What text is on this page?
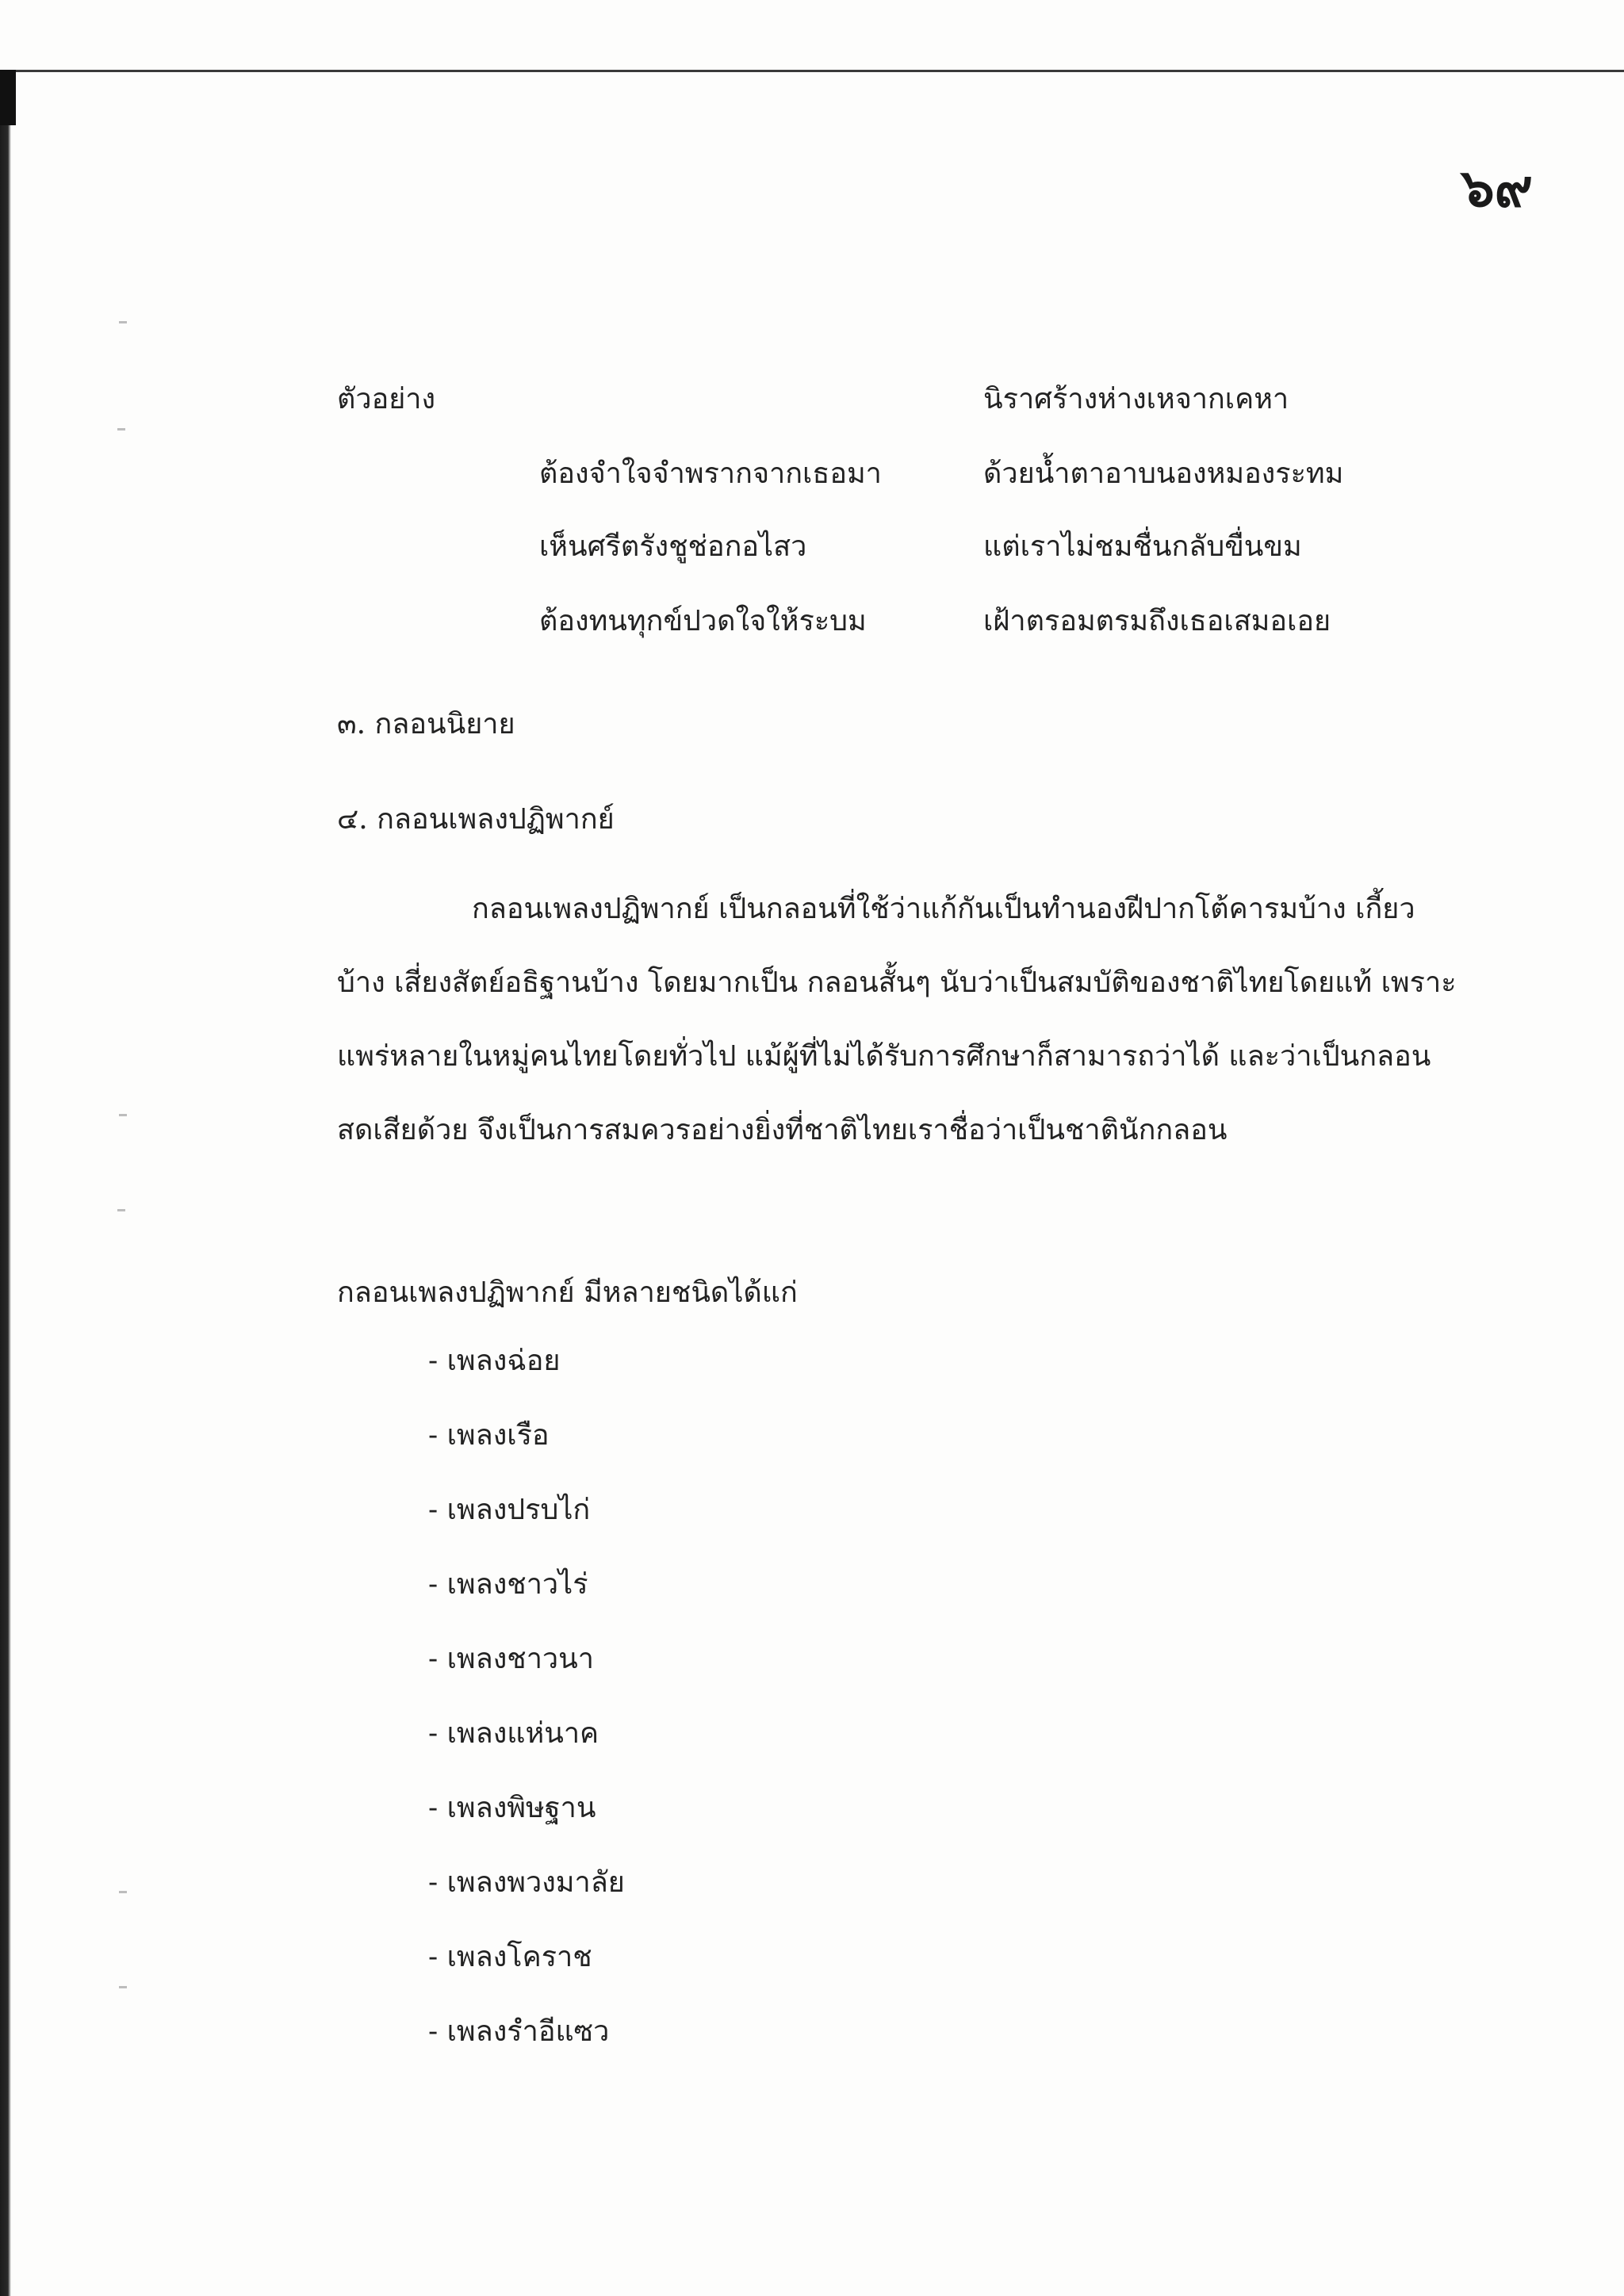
๖๙
ตัวอย่าง	นิราศร้างห่างเหจากเคหา
ต้องจำใจจำพรากจากเธอมา	ด้วยน้ำตาอาบนองหมองระทม
เห็นศรีตรังชูช่อกอไสว	แต่เราไม่ชมชื่นกลับขื่นขม
ต้องทนทุกข์ปวดใจให้ระบม	เฝ้าตรอมตรมถึงเธอเสมอเอย
๓. กลอนนิยาย
๔. กลอนเพลงปฏิพากย์

กลอนเพลงปฏิพากย์ เป็นกลอนที่ใช้ว่าแก้กันเป็นทำนองฝีปากโต้คารมบ้าง เกี้ยวบ้าง เสี่ยงสัตย์อธิฐานบ้าง โดยมากเป็น กลอนสั้นๆ นับว่าเป็นสมบัติของชาติไทยโดยแท้ เพราะแพร่หลายในหมู่คนไทยโดยทั่วไป แม้ผู้ที่ไม่ได้รับการศึกษาก็สามารถว่าได้ และว่าเป็นกลอนสดเสียด้วย จึงเป็นการสมควรอย่างยิ่งที่ชาติไทยเราชื่อว่าเป็นชาตินักกลอน

กลอนเพลงปฏิพากย์ มีหลายชนิดได้แก่
- เพลงฉ่อย
- เพลงเรือ
- เพลงปรบไก่
- เพลงชาวไร่
- เพลงชาวนา
- เพลงแห่นาค
- เพลงพิษฐาน
- เพลงพวงมาลัย
- เพลงโคราช
- เพลงรำอีแซว
